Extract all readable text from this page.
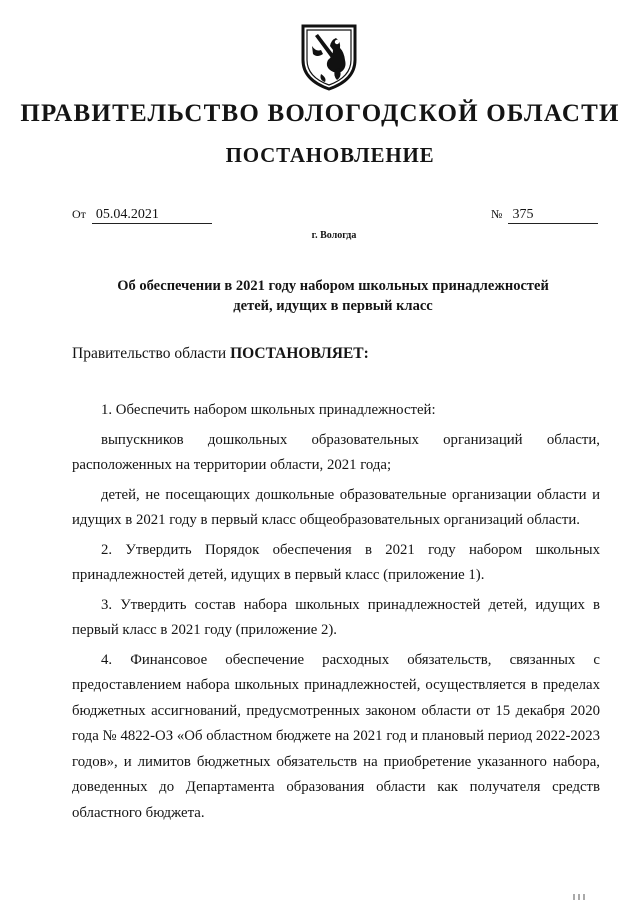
ПРАВИТЕЛЬСТВО ВОЛОГОДСКОЙ ОБЛАСТИ
ПОСТАНОВЛЕНИЕ
От 05.04.2021	№ 375
г. Вологда
Об обеспечении в 2021 году набором школьных принадлежностей
детей, идущих в первый класс
Правительство области ПОСТАНОВЛЯЕТ:

1. Обеспечить набором школьных принадлежностей:

выпускников дошкольных образовательных организаций области, расположенных на территории области, 2021 года;

детей, не посещающих дошкольные образовательные организации области и идущих в 2021 году в первый класс общеобразовательных организаций области.

2. Утвердить Порядок обеспечения в 2021 году набором школьных принадлежностей детей, идущих в первый класс (приложение 1).

3. Утвердить состав набора школьных принадлежностей детей, идущих в первый класс в 2021 году (приложение 2).

4. Финансовое обеспечение расходных обязательств, связанных с предоставлением набора школьных принадлежностей, осуществляется в пределах бюджетных ассигнований, предусмотренных законом области от 15 декабря 2020 года № 4822-ОЗ «Об областном бюджете на 2021 год и плановый период 2022-2023 годов», и лимитов бюджетных обязательств на приобретение указанного набора, доведенных до Департамента образования области как получателя средств областного бюджета.
